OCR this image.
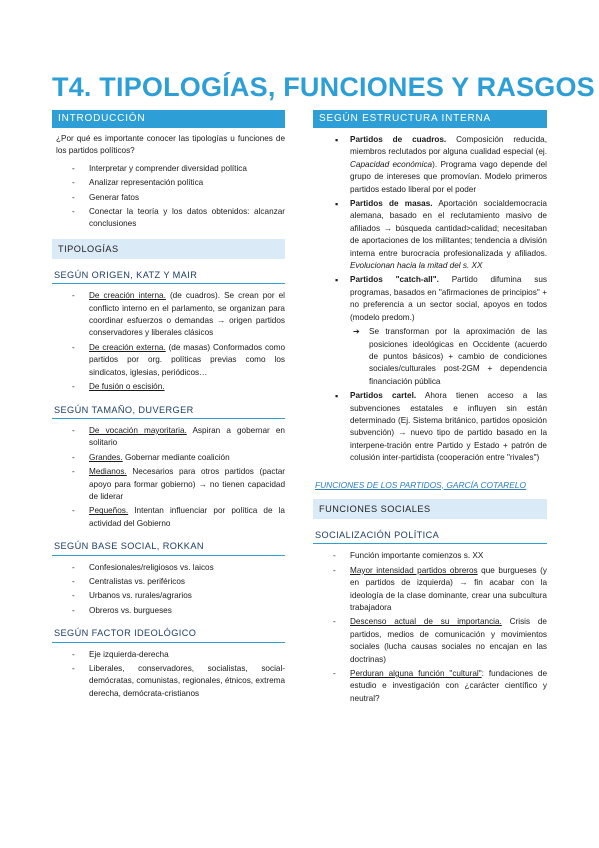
T4. TIPOLOGÍAS, FUNCIONES Y RASGOS
INTRODUCCIÓN
¿Por qué es importante conocer las tipologías u funciones de los partidos políticos?
- Interpretar y comprender diversidad política
- Analizar representación política
- Generar fatos
- Conectar la teoría y los datos obtenidos: alcanzar conclusiones
TIPOLOGÍAS
SEGÚN ORIGEN, KATZ Y MAIR
- De creación interna. (de cuadros). Se crean por el conflicto interno en el parlamento, se organizan para coordinar esfuerzos o demandas → origen partidos conservadores y liberales clásicos
- De creación externa. (de masas) Conformados como partidos por org. políticas previas como los sindicatos, iglesias, periódicos…
- De fusión o escisión.
SEGÚN TAMAÑO, DUVERGER
- De vocación mayoritaria. Aspiran a gobernar en solitario
- Grandes. Gobernar mediante coalición
- Medianos. Necesarios para otros partidos (pactar apoyo para formar gobierno) → no tienen capacidad de liderar
- Pequeños. Intentan influenciar por política de la actividad del Gobierno
SEGÚN BASE SOCIAL, ROKKAN
- Confesionales/religiosos vs. laicos
- Centralistas vs. periféricos
- Urbanos vs. rurales/agrarios
- Obreros vs. burgueses
SEGÚN FACTOR IDEOLÓGICO
- Eje izquierda-derecha
- Liberales, conservadores, socialistas, social-demócratas, comunistas, regionales, étnicos, extrema derecha, demócrata-cristianos
SEGÚN ESTRUCTURA INTERNA
▪ Partidos de cuadros. Composición reducida, miembros reclutados por alguna cualidad especial (ej. Capacidad económica). Programa vago depende del grupo de intereses que promovían. Modelo primeros partidos estado liberal por el poder
▪ Partidos de masas. Aportación socialdemocracia alemana, basado en el reclutamiento masivo de afiliados → búsqueda cantidad>calidad; necesitaban de aportaciones de los militantes; tendencia a división interna entre burocracia profesionalizada y afiliados. Evolucionan hacia la mitad del s. XX
▪ Partidos "catch-all". Partido difumina sus programas, basados en "afirmaciones de principios" + no preferencia a un sector social, apoyos en todos (modelo predom.)
➔ Se transforman por la aproximación de las posiciones ideológicas en Occidente (acuerdo de puntos básicos) + cambio de condiciones sociales/culturales post-2GM + dependencia financiación pública
▪ Partidos cartel. Ahora tienen acceso a las subvenciones estatales e influyen sin están determinado (Ej. Sistema británico, partidos oposición subvención) → nuevo tipo de partido basado en la interpene-tración entre Partido y Estado + patrón de colusión inter-partidista (cooperación entre "rivales")
FUNCIONES DE LOS PARTIDOS, GARCÍA COTARELO
FUNCIONES SOCIALES
SOCIALIZACIÓN POLÍTICA
- Función importante comienzos s. XX
- Mayor intensidad partidos obreros que burgueses (y en partidos de izquierda) → fin acabar con la ideología de la clase dominante, crear una subcultura trabajadora
- Descenso actual de su importancia. Crisis de partidos, medios de comunicación y movimientos sociales (lucha causas sociales no encajan en las doctrinas)
- Perduran alguna función "cultural": fundaciones de estudio e investigación con ¿carácter científico y neutral?
